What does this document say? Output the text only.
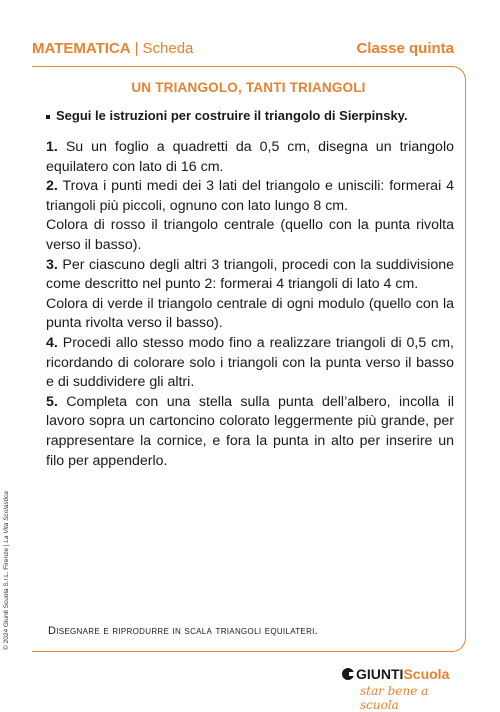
MATEMATICA | Scheda	Classe quinta
UN TRIANGOLO, TANTI TRIANGOLI
Segui le istruzioni per costruire il triangolo di Sierpinsky.

1. Su un foglio a quadretti da 0,5 cm, disegna un triangolo equilatero con lato di 16 cm.

2. Trova i punti medi dei 3 lati del triangolo e uniscili: formerai 4 triangoli più piccoli, ognuno con lato lungo 8 cm.

Colora di rosso il triangolo centrale (quello con la punta rivolta verso il basso).

3. Per ciascuno degli altri 3 triangoli, procedi con la suddivisione come descritto nel punto 2: formerai 4 triangoli di lato 4 cm.

Colora di verde il triangolo centrale di ogni modulo (quello con la punta rivolta verso il basso).

4. Procedi allo stesso modo fino a realizzare triangoli di 0,5 cm, ricordando di colorare solo i triangoli con la punta verso il basso e di suddividere gli altri.

5. Completa con una stella sulla punta dell’albero, incolla il lavoro sopra un cartoncino colorato leggermente più grande, per rappresentare la cornice, e fora la punta in alto per inserire un filo per appenderlo.

Disegnare e riprodurre in scala triangoli equilateri.
© 2024 Giunti Scuola S.r.L. Firenze | La Vita Scolastica
GIUNTIScuola
star bene a scuola
